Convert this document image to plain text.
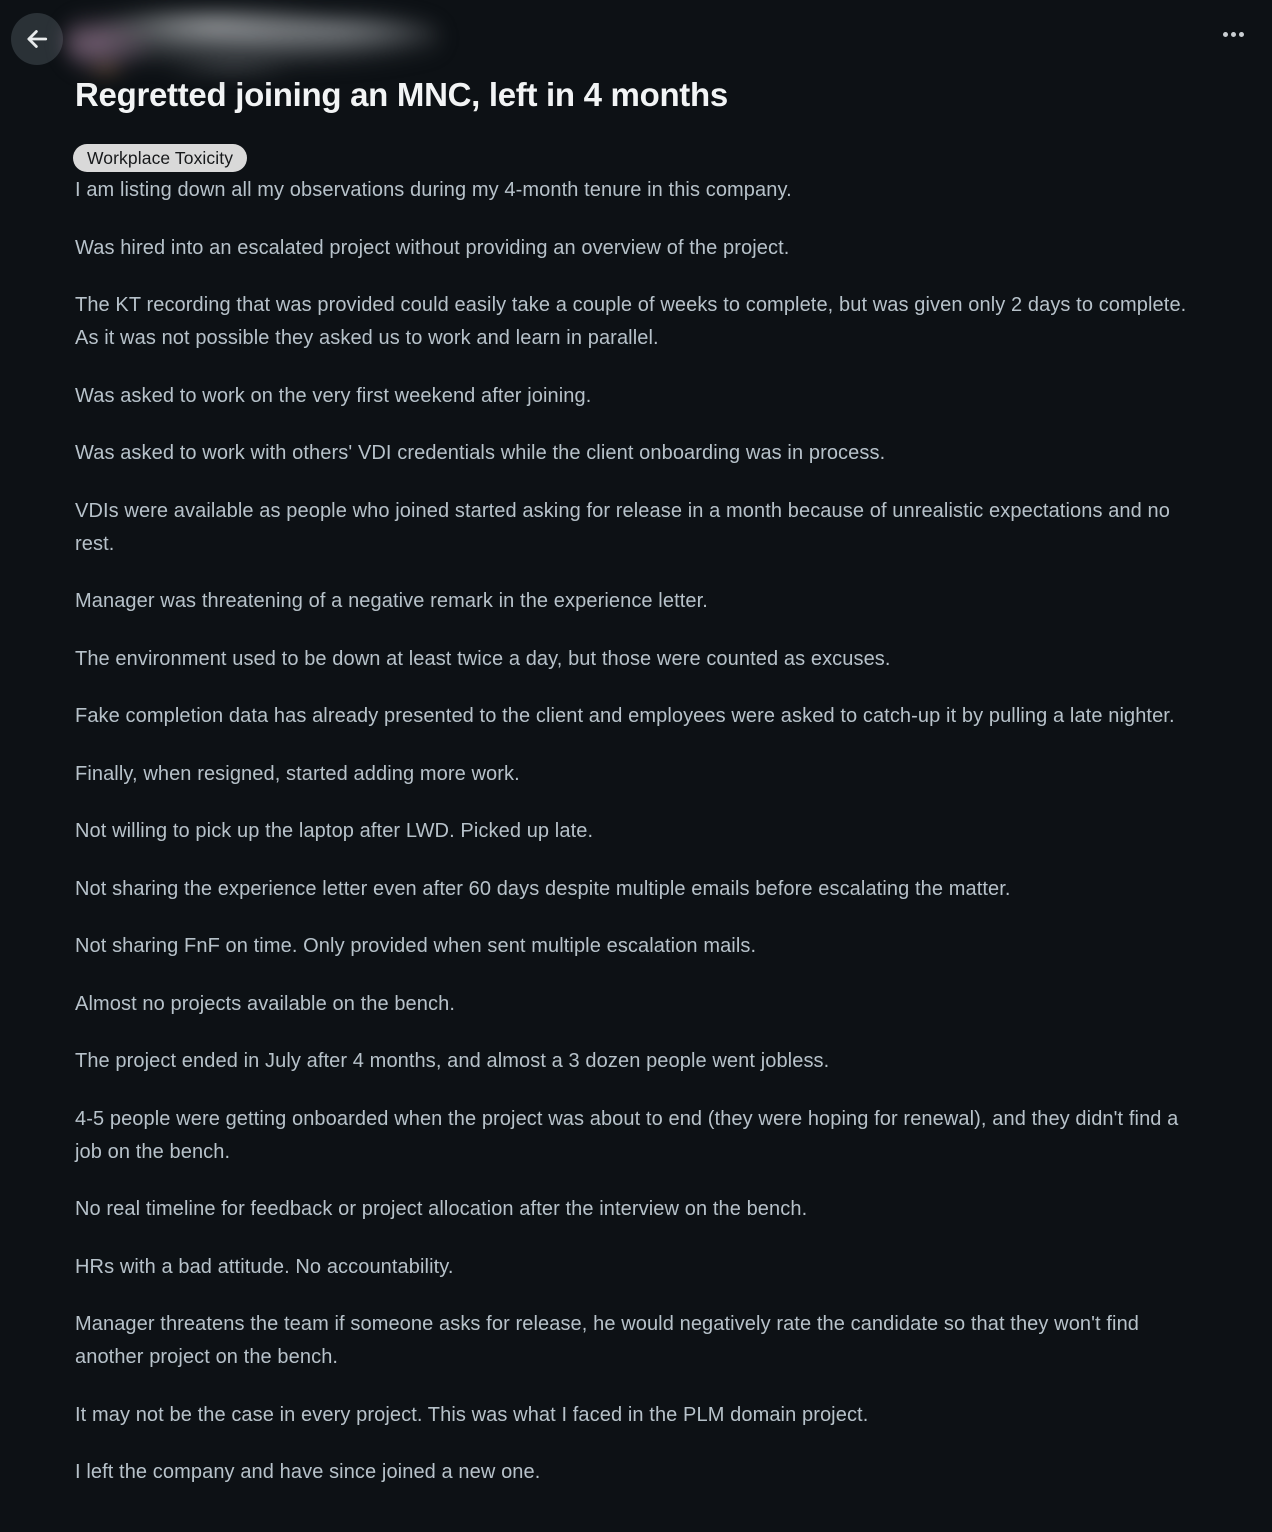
Regretted joining an MNC, left in 4 months
Workplace Toxicity

I am listing down all my observations during my 4-month tenure in this company.

Was hired into an escalated project without providing an overview of the project.

The KT recording that was provided could easily take a couple of weeks to complete, but was given only 2 days to complete. As it was not possible they asked us to work and learn in parallel.

Was asked to work on the very first weekend after joining.

Was asked to work with others' VDI credentials while the client onboarding was in process.

VDIs were available as people who joined started asking for release in a month because of unrealistic expectations and no rest.

Manager was threatening of a negative remark in the experience letter.

The environment used to be down at least twice a day, but those were counted as excuses.

Fake completion data has already presented to the client and employees were asked to catch-up it by pulling a late nighter.

Finally, when resigned, started adding more work.

Not willing to pick up the laptop after LWD. Picked up late.

Not sharing the experience letter even after 60 days despite multiple emails before escalating the matter.

Not sharing FnF on time. Only provided when sent multiple escalation mails.

Almost no projects available on the bench.

The project ended in July after 4 months, and almost a 3 dozen people went jobless.

4-5 people were getting onboarded when the project was about to end (they were hoping for renewal), and they didn't find a job on the bench.

No real timeline for feedback or project allocation after the interview on the bench.

HRs with a bad attitude. No accountability.

Manager threatens the team if someone asks for release, he would negatively rate the candidate so that they won't find another project on the bench.

It may not be the case in every project. This was what I faced in the PLM domain project.

I left the company and have since joined a new one.
